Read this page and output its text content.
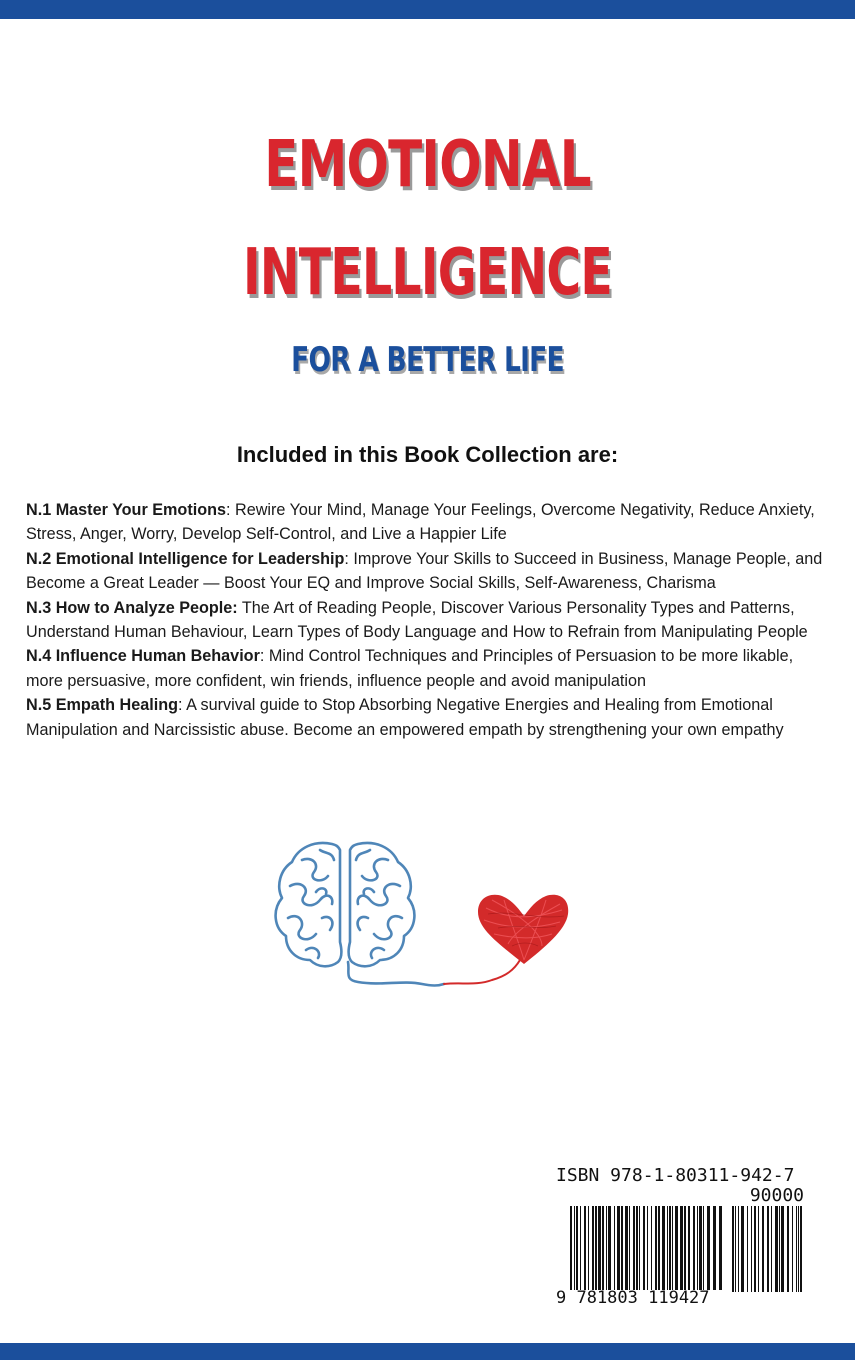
EMOTIONAL
INTELLIGENCE
FOR A BETTER LIFE
Included in this Book Collection are:

N.1 Master Your Emotions: Rewire Your Mind, Manage Your Feelings, Overcome Negativity, Reduce Anxiety, Stress, Anger, Worry, Develop Self-Control, and Live a Happier Life

N.2 Emotional Intelligence for Leadership: Improve Your Skills to Succeed in Business, Manage People, and Become a Great Leader — Boost Your EQ and Improve Social Skills, Self-Awareness, Charisma

N.3 How to Analyze People: The Art of Reading People, Discover Various Personality Types and Patterns, Understand Human Behaviour, Learn Types of Body Language and How to Refrain from Manipulating People

N.4 Influence Human Behavior: Mind Control Techniques and Principles of Persuasion to be more likable, more persuasive, more confident, win friends, influence people and avoid manipulation

N.5 Empath Healing: A survival guide to Stop Absorbing Negative Energies and Healing from Emotional Manipulation and Narcissistic abuse. Become an empowered empath by strengthening your own empathy

ISBN 978-1-80311-942-7
90000
9 781803 119427
